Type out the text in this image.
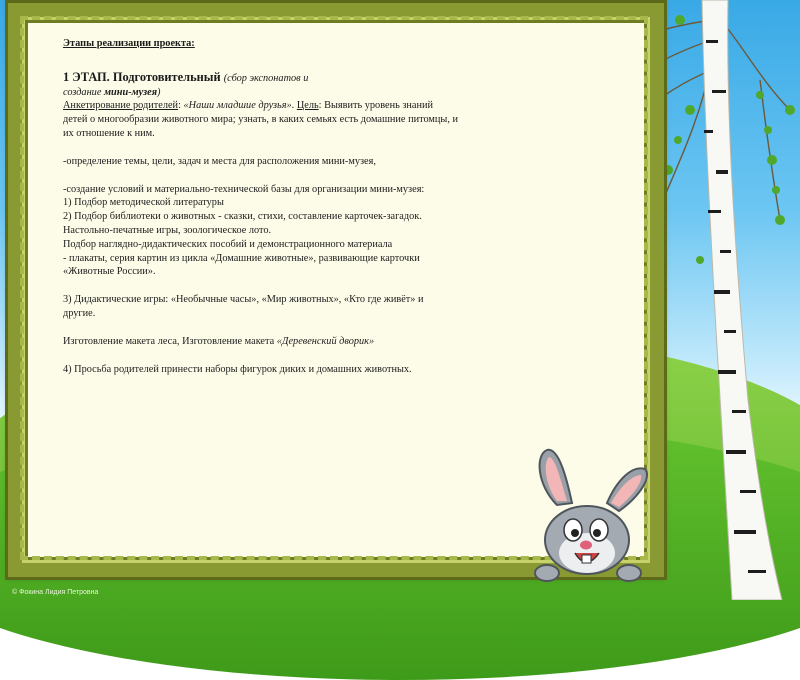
Этапы реализации проекта:

1 ЭТАП. Подготовительный (сбор экспонатов и

создание мини-музея)

Анкетирование родителей: «Наши младшие друзья». Цель: Выявить уровень знаний детей о многообразии животного мира; узнать, в каких семьях есть домашние питомцы, и их отношение к ним.

-определение темы, цели, задач и места для расположения мини-музея,

-создание условий и материально-технической базы для организации мини-музея:

1) Подбор методической литературы

2) Подбор библиотеки о животных - сказки, стихи, составление карточек-загадок.

Настольно-печатные игры, зоологическое лото.

Подбор наглядно-дидактических пособий и демонстрационного материала

- плакаты, серия картин из цикла «Домашние животные», развивающие карточки «Животные России».

3) Дидактические игры: «Необычные часы», «Мир животных», «Кто где живёт» и другие.

Изготовление макета леса, Изготовление макета «Деревенский дворик»

4) Просьба родителей принести наборы фигурок диких и домашних животных.

© Фокина Лидия Петровна
